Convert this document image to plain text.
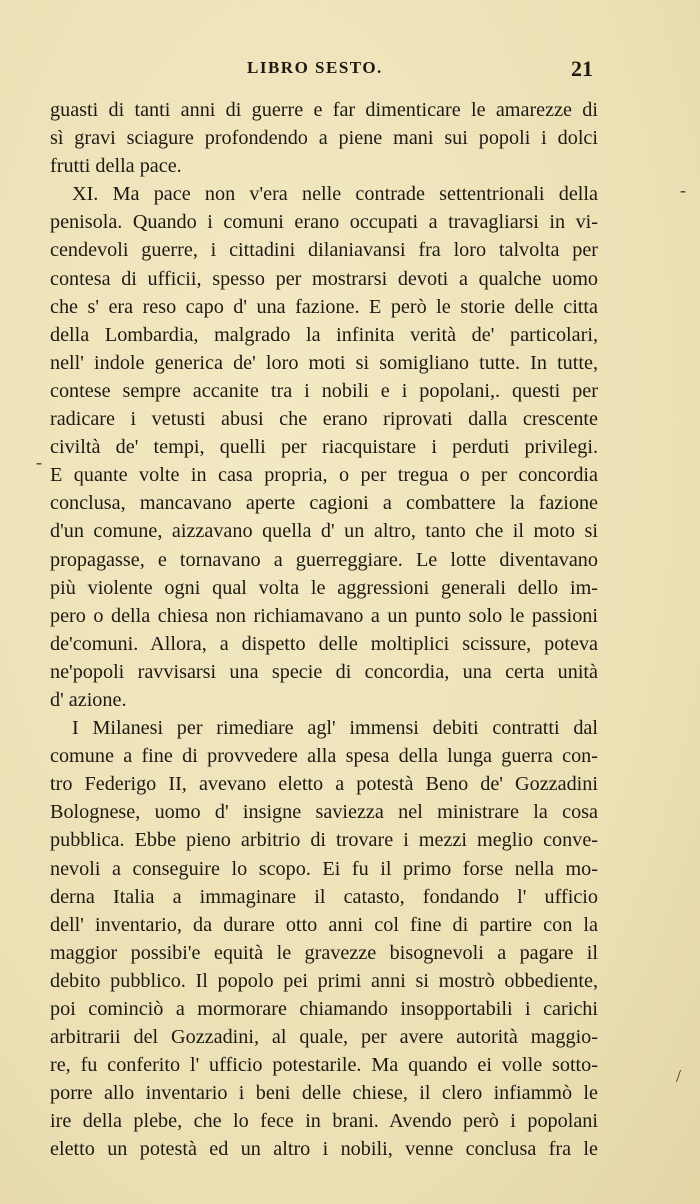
LIBRO SESTO.	21
-
-
/
guasti di tanti anni di guerre e far dimenticare le amarezze di
sì gravi sciagure profondendo a piene mani sui popoli i dolci
frutti della pace.
XI. Ma pace non v'era nelle contrade settentrionali della
penisola. Quando i comuni erano occupati a travagliarsi in vi-
cendevoli guerre, i cittadini dilaniavansi fra loro talvolta per
contesa di ufficii, spesso per mostrarsi devoti a qualche uomo
che s' era reso capo d' una fazione. E però le storie delle citta
della Lombardia, malgrado la infinita verità de' particolari,
nell' indole generica de' loro moti si somigliano tutte. In tutte,
contese sempre accanite tra i nobili e i popolani,. questi per
radicare i vetusti abusi che erano riprovati dalla crescente
civiltà de' tempi, quelli per riacquistare i perduti privilegi.
E quante volte in casa propria, o per tregua o per concordia
conclusa, mancavano aperte cagioni a combattere la fazione
d'un comune, aizzavano quella d' un altro, tanto che il moto si
propagasse, e tornavano a guerreggiare. Le lotte diventavano
più violente ogni qual volta le aggressioni generali dello im-
pero o della chiesa non richiamavano a un punto solo le passioni
de'comuni. Allora, a dispetto delle moltiplici scissure, poteva
ne'popoli ravvisarsi una specie di concordia, una certa unità
d' azione.
I Milanesi per rimediare agl' immensi debiti contratti dal
comune a fine di provvedere alla spesa della lunga guerra con-
tro Federigo II, avevano eletto a potestà Beno de' Gozzadini
Bolognese, uomo d' insigne saviezza nel ministrare la cosa
pubblica. Ebbe pieno arbitrio di trovare i mezzi meglio conve-
nevoli a conseguire lo scopo. Ei fu il primo forse nella mo-
derna Italia a immaginare il catasto, fondando l' ufficio
dell' inventario, da durare otto anni col fine di partire con la
maggior possibi'e equità le gravezze bisognevoli a pagare il
debito pubblico. Il popolo pei primi anni si mostrò obbediente,
poi cominciò a mormorare chiamando insopportabili i carichi
arbitrarii del Gozzadini, al quale, per avere autorità maggio-
re, fu conferito l' ufficio potestarile. Ma quando ei volle sotto-
porre allo inventario i beni delle chiese, il clero infiammò le
ire della plebe, che lo fece in brani. Avendo però i popolani
eletto un potestà ed un altro i nobili, venne conclusa fra le
